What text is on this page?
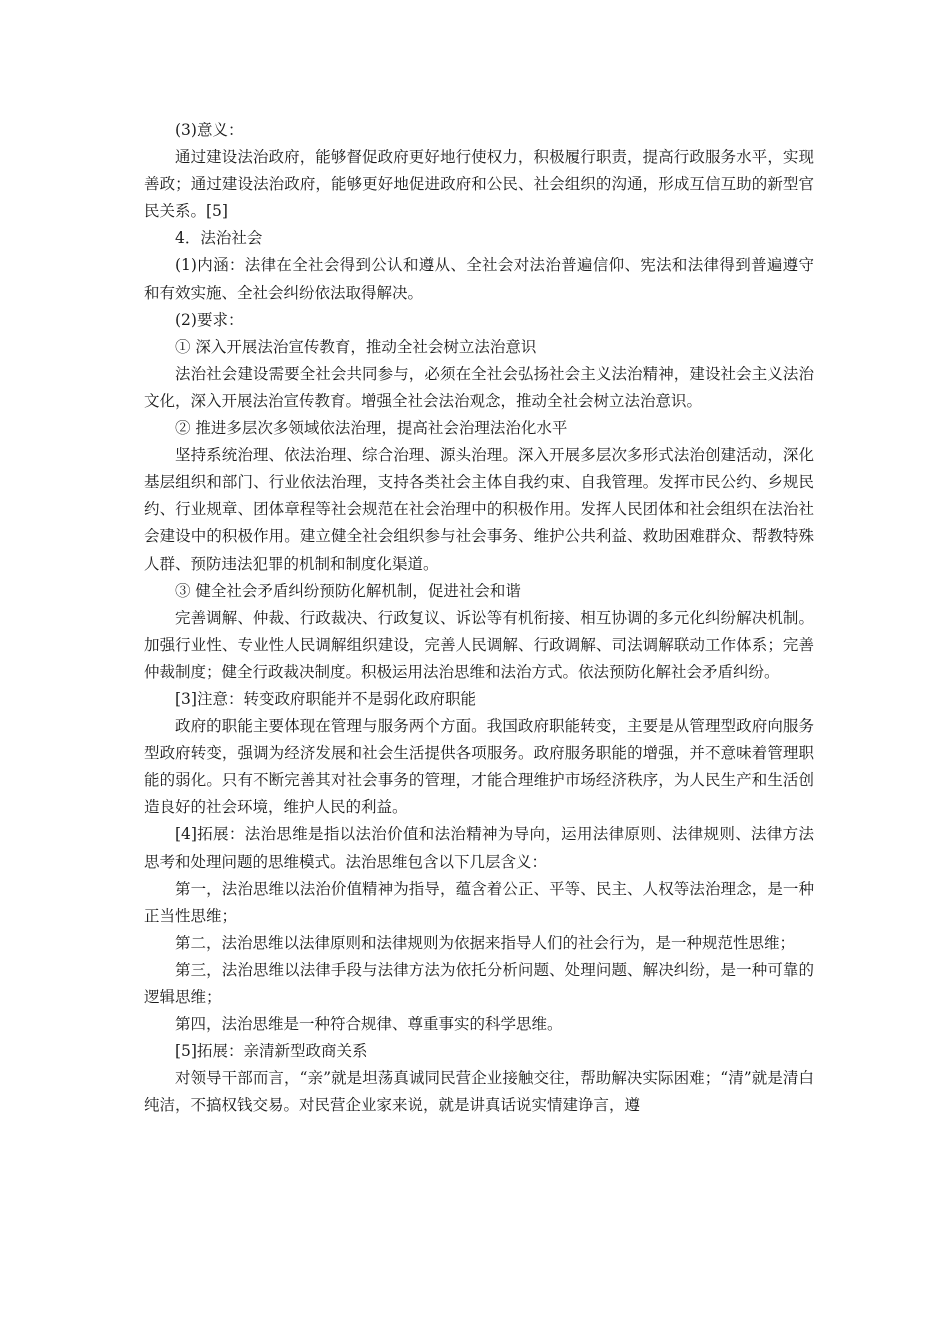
(3)意义：

通过建设法治政府，能够督促政府更好地行使权力，积极履行职责，提高行政服务水平，实现善政；通过建设法治政府，能够更好地促进政府和公民、社会组织的沟通，形成互信互助的新型官民关系。[5]

4．法治社会

(1)内涵：法律在全社会得到公认和遵从、全社会对法治普遍信仰、宪法和法律得到普遍遵守和有效实施、全社会纠纷依法取得解决。

(2)要求：

① 深入开展法治宣传教育，推动全社会树立法治意识

法治社会建设需要全社会共同参与，必须在全社会弘扬社会主义法治精神，建设社会主义法治文化，深入开展法治宣传教育。增强全社会法治观念，推动全社会树立法治意识。

② 推进多层次多领域依法治理，提高社会治理法治化水平

坚持系统治理、依法治理、综合治理、源头治理。深入开展多层次多形式法治创建活动，深化基层组织和部门、行业依法治理，支持各类社会主体自我约束、自我管理。发挥市民公约、乡规民约、行业规章、团体章程等社会规范在社会治理中的积极作用。发挥人民团体和社会组织在法治社会建设中的积极作用。建立健全社会组织参与社会事务、维护公共利益、救助困难群众、帮教特殊人群、预防违法犯罪的机制和制度化渠道。

③ 健全社会矛盾纠纷预防化解机制，促进社会和谐

完善调解、仲裁、行政裁决、行政复议、诉讼等有机衔接、相互协调的多元化纠纷解决机制。加强行业性、专业性人民调解组织建设，完善人民调解、行政调解、司法调解联动工作体系；完善仲裁制度；健全行政裁决制度。积极运用法治思维和法治方式。依法预防化解社会矛盾纠纷。

[3]注意：转变政府职能并不是弱化政府职能

政府的职能主要体现在管理与服务两个方面。我国政府职能转变，主要是从管理型政府向服务型政府转变，强调为经济发展和社会生活提供各项服务。政府服务职能的增强，并不意味着管理职能的弱化。只有不断完善其对社会事务的管理，才能合理维护市场经济秩序，为人民生产和生活创造良好的社会环境，维护人民的利益。

[4]拓展：法治思维是指以法治价值和法治精神为导向，运用法律原则、法律规则、法律方法思考和处理问题的思维模式。法治思维包含以下几层含义：

第一，法治思维以法治价值精神为指导，蕴含着公正、平等、民主、人权等法治理念，是一种正当性思维；

第二，法治思维以法律原则和法律规则为依据来指导人们的社会行为，是一种规范性思维；

第三，法治思维以法律手段与法律方法为依托分析问题、处理问题、解决纠纷，是一种可靠的逻辑思维；

第四，法治思维是一种符合规律、尊重事实的科学思维。

[5]拓展：亲清新型政商关系

对领导干部而言，“亲”就是坦荡真诚同民营企业接触交往，帮助解决实际困难；“清”就是清白纯洁，不搞权钱交易。对民营企业家来说，就是讲真话说实情建诤言，遵
